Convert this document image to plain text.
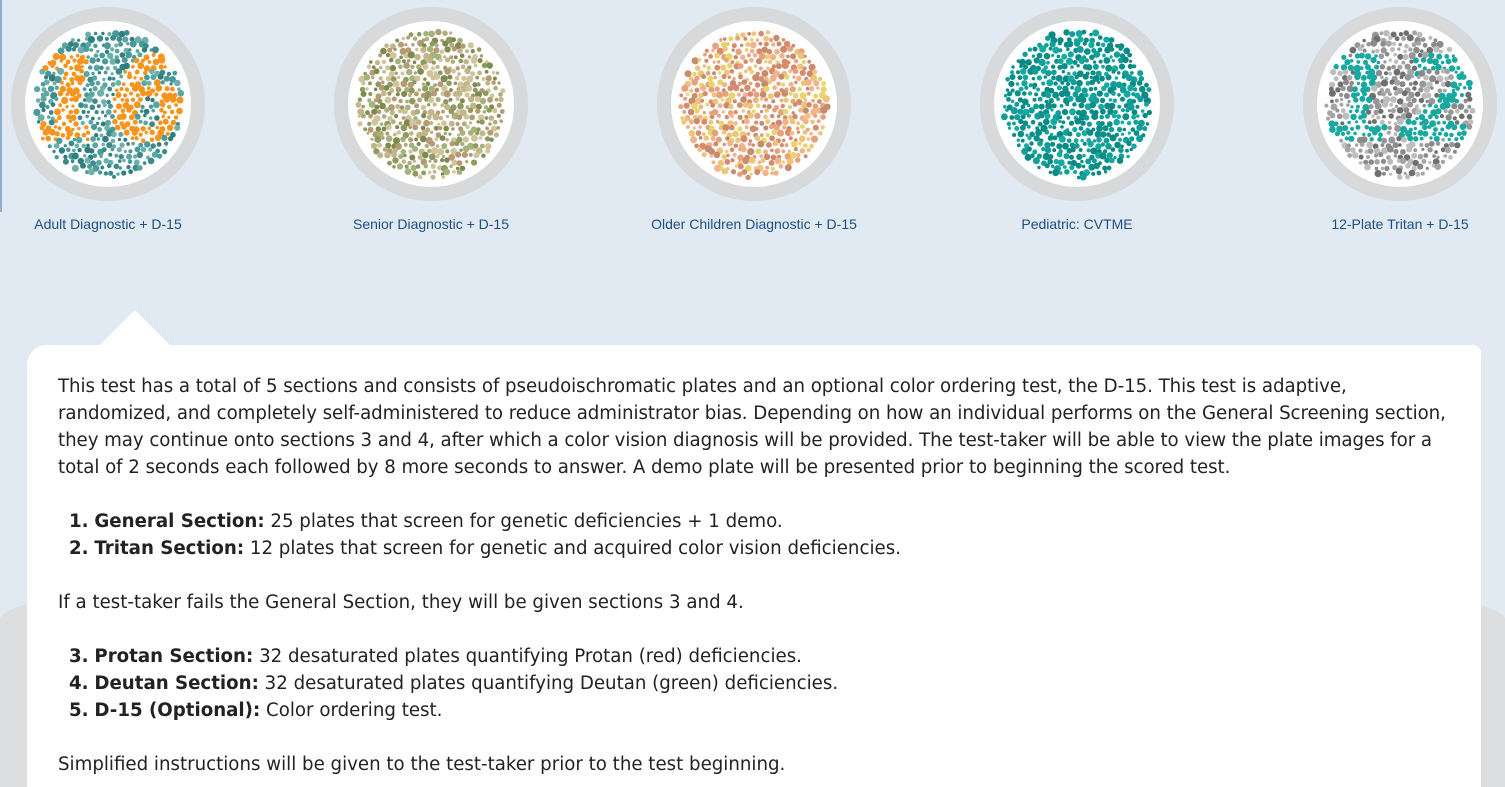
Adult Diagnostic + D-15	Senior Diagnostic + D-15	Older Children Diagnostic + D-15	Pediatric: CVTME	12-Plate Tritan + D-15

This test has a total of 5 sections and consists of pseudoischromatic plates and an optional color ordering test, the D-15. This test is adaptive, randomized, and completely self-administered to reduce administrator bias. Depending on how an individual performs on the General Screening section, they may continue onto sections 3 and 4, after which a color vision diagnosis will be provided. The test-taker will be able to view the plate images for a total of 2 seconds each followed by 8 more seconds to answer. A demo plate will be presented prior to beginning the scored test.

1. General Section: 25 plates that screen for genetic deficiencies + 1 demo.
2. Tritan Section: 12 plates that screen for genetic and acquired color vision deficiencies.

If a test-taker fails the General Section, they will be given sections 3 and 4.

3. Protan Section: 32 desaturated plates quantifying Protan (red) deficiencies.
4. Deutan Section: 32 desaturated plates quantifying Deutan (green) deficiencies.
5. D-15 (Optional): Color ordering test.

Simplified instructions will be given to the test-taker prior to the test beginning.
